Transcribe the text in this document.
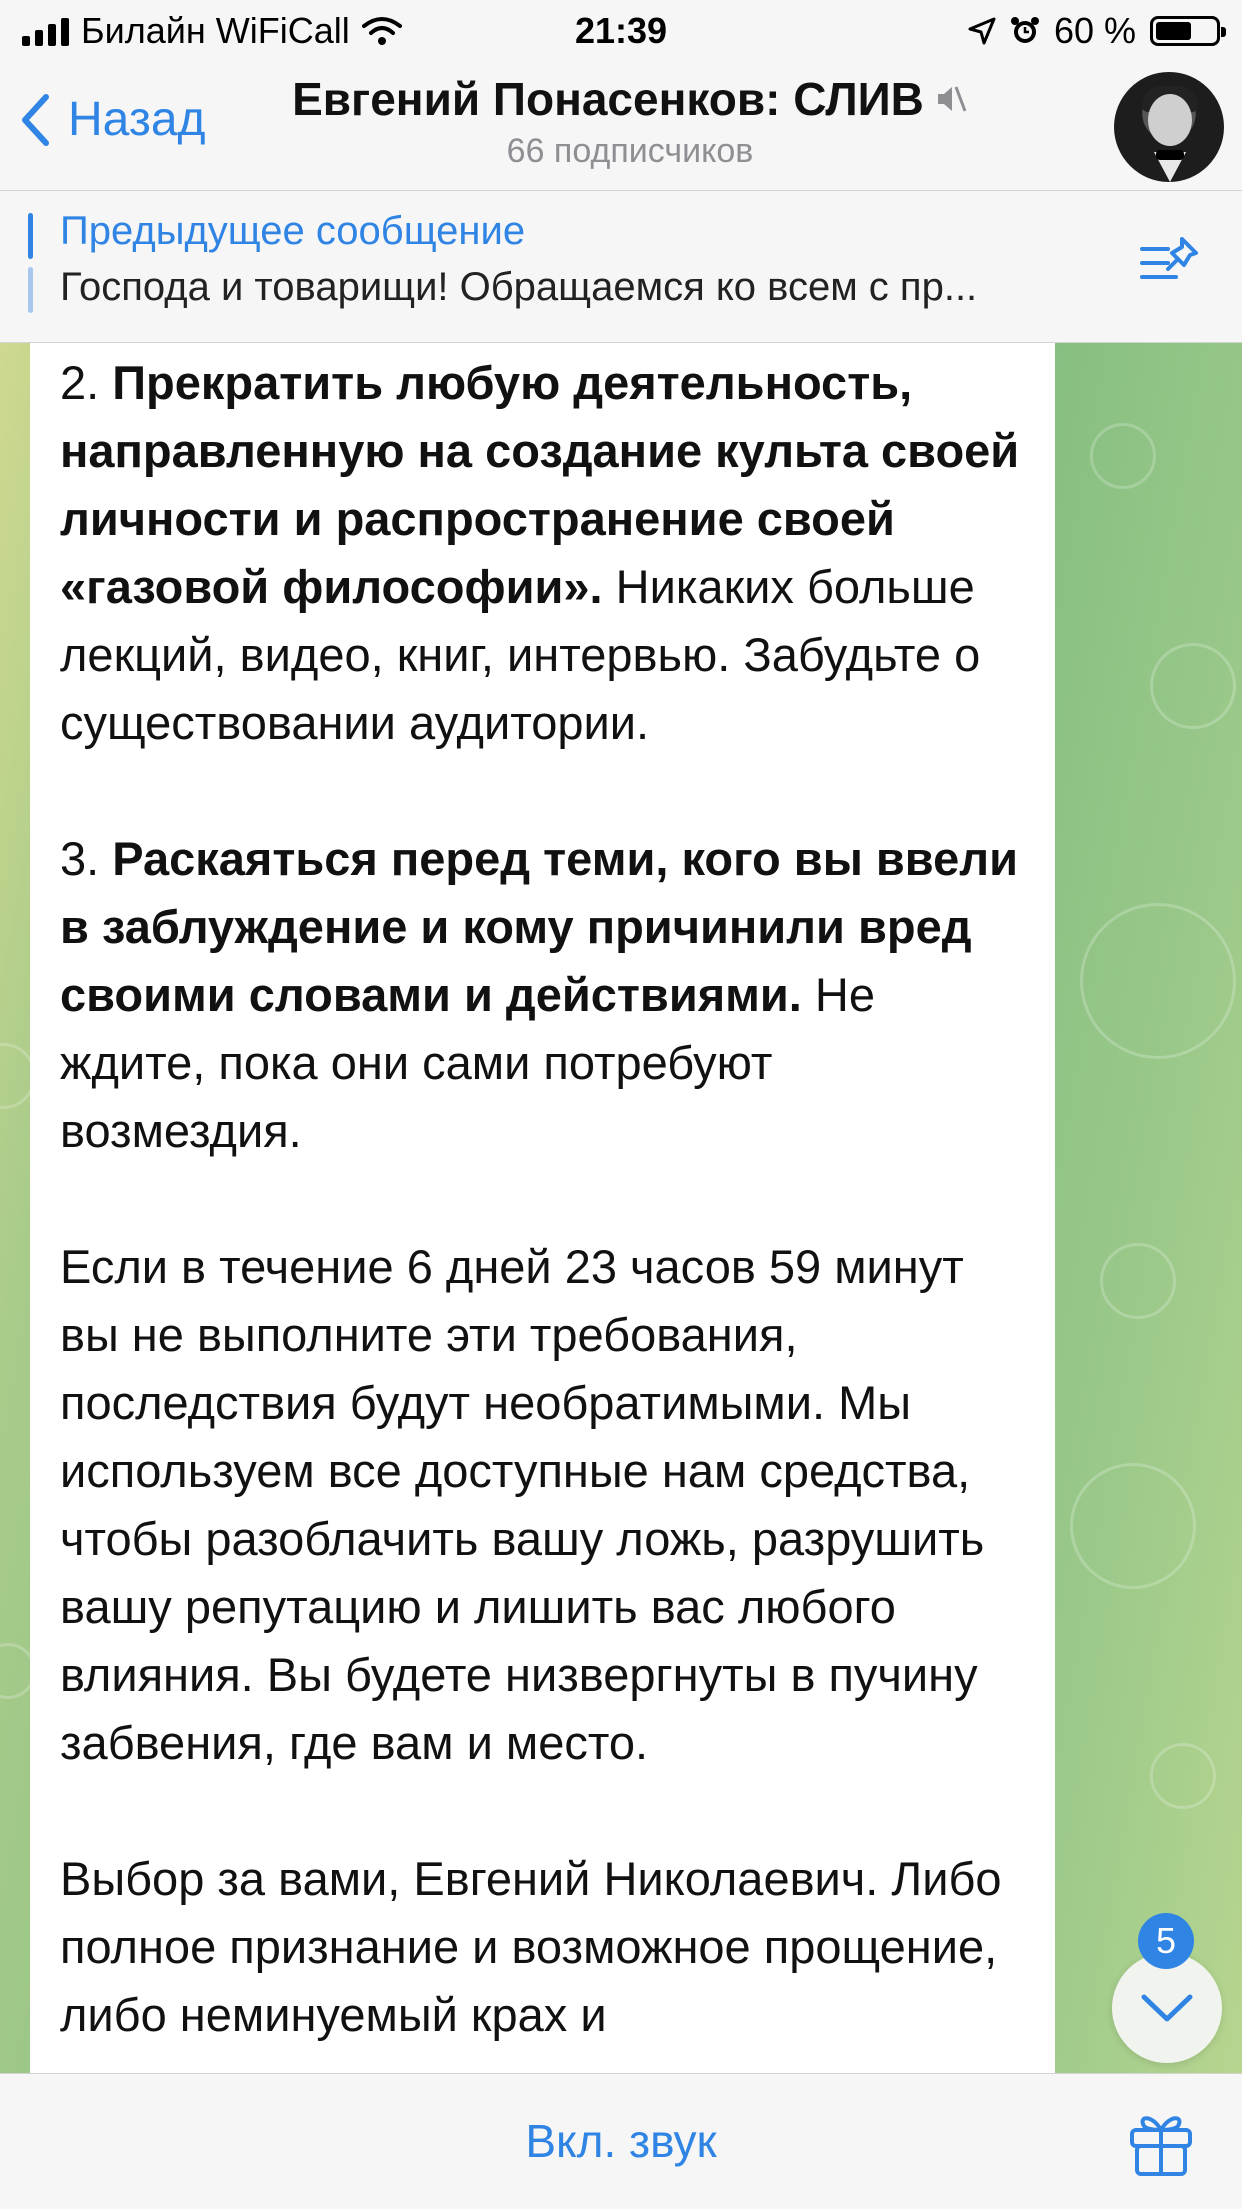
Билайн WiFiCall	21:39	60 %
Назад Евгений Понасенков: СЛИВ
66 подписчиков
Предыдущее сообщение
Господа и товарищи! Обращаемся ко всем с пр...

2. Прекратить любую деятельность, направленную на создание культа своей личности и распространение своей «газовой философии». Никаких больше лекций, видео, книг, интервью. Забудьте о существовании аудитории.

3. Раскаяться перед теми, кого вы ввели в заблуждение и кому причинили вред своими словами и действиями. Не ждите, пока они сами потребуют возмездия.

Если в течение 6 дней 23 часов 59 минут вы не выполните эти требования, последствия будут необратимыми. Мы используем все доступные нам средства, чтобы разоблачить вашу ложь, разрушить вашу репутацию и лишить вас любого влияния. Вы будете низвергнуты в пучину забвения, где вам и место.

Выбор за вами, Евгений Николаевич. Либо полное признание и возможное прощение, либо неминуемый крах и

5
Вкл. звук
